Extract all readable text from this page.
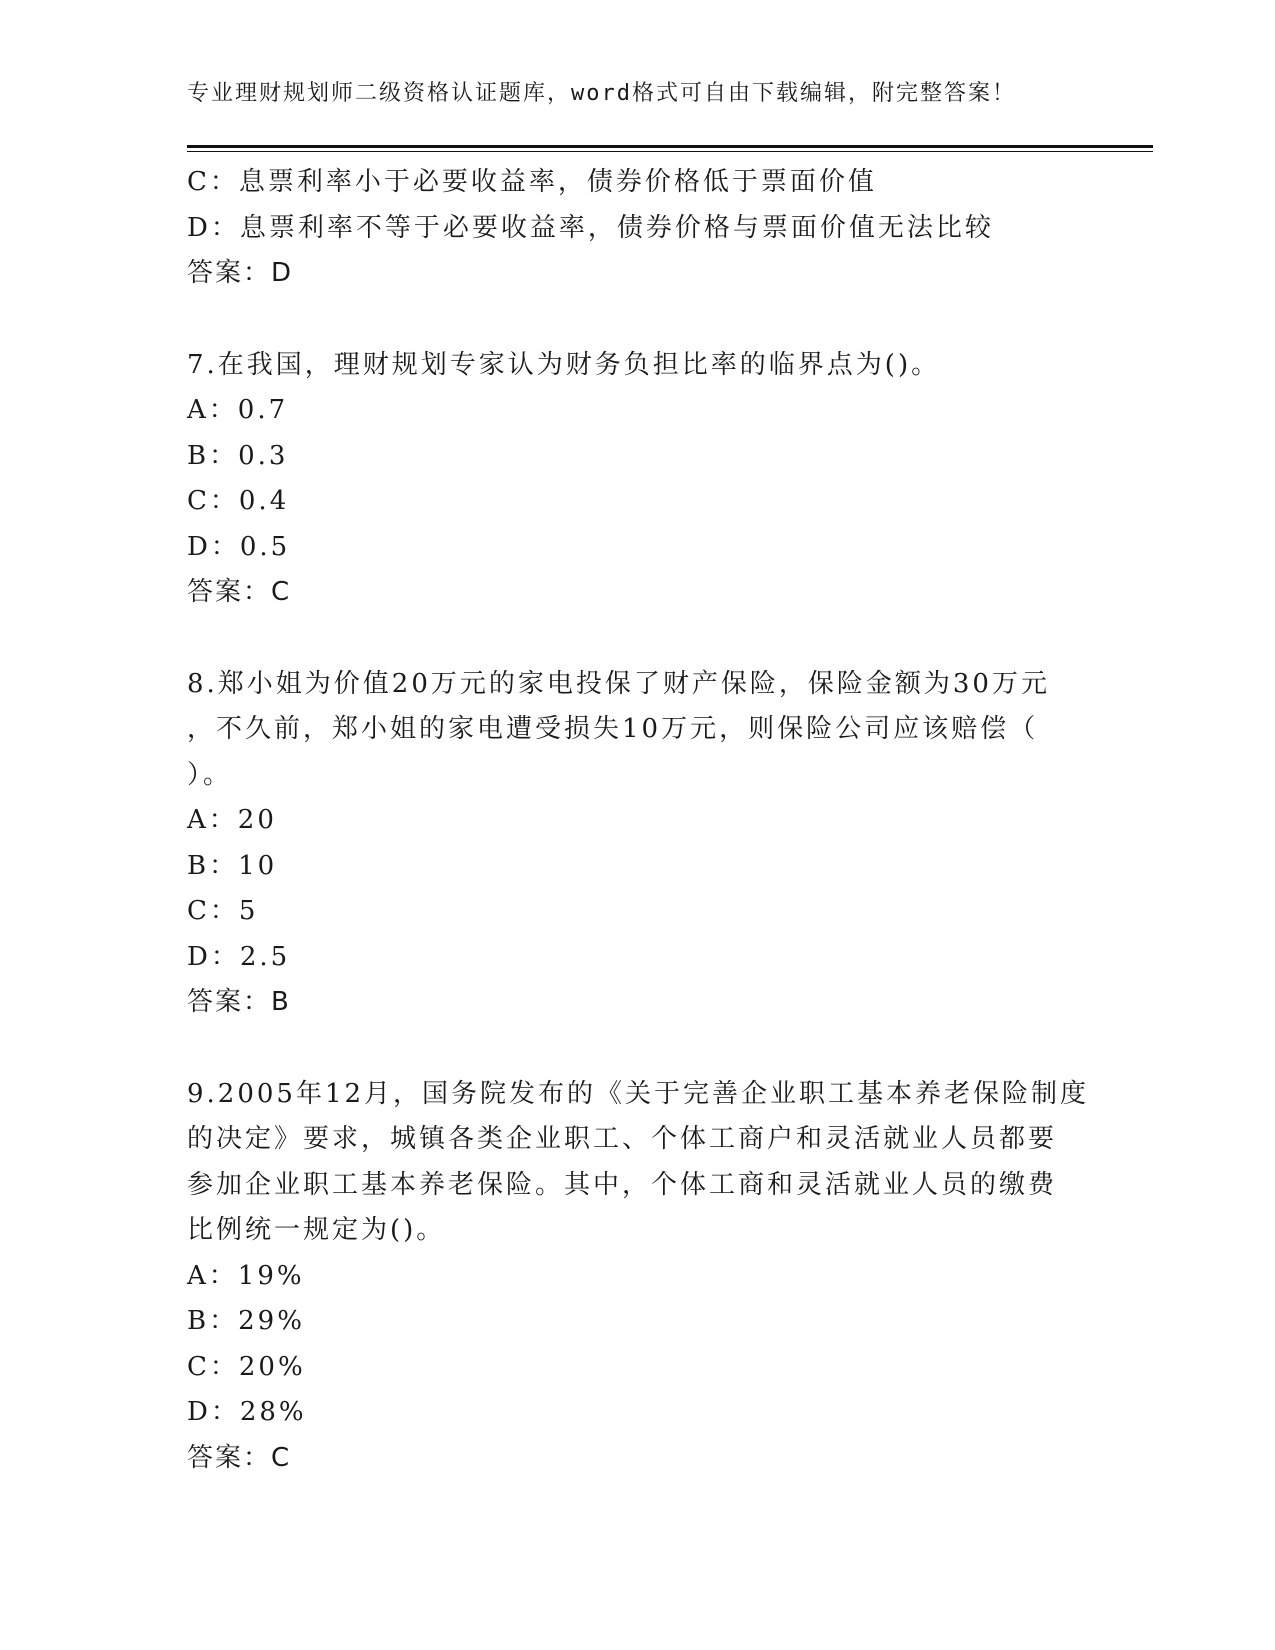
专业理财规划师二级资格认证题库，word格式可自由下载编辑，附完整答案！
C：息票利率小于必要收益率，债券价格低于票面价值
D：息票利率不等于必要收益率，债券价格与票面价值无法比较
答案：D
7.在我国，理财规划专家认为财务负担比率的临界点为()。
A：0.7
B：0.3
C：0.4
D：0.5
答案：C
8.郑小姐为价值20万元的家电投保了财产保险，保险金额为30万元
，不久前，郑小姐的家电遭受损失10万元，则保险公司应该赔偿（
）。
A：20
B：10
C：5
D：2.5
答案：B
9.2005年12月，国务院发布的《关于完善企业职工基本养老保险制度
的决定》要求，城镇各类企业职工、个体工商户和灵活就业人员都要
参加企业职工基本养老保险。其中，个体工商和灵活就业人员的缴费
比例统一规定为()。
A：19%
B：29%
C：20%
D：28%
答案：C
